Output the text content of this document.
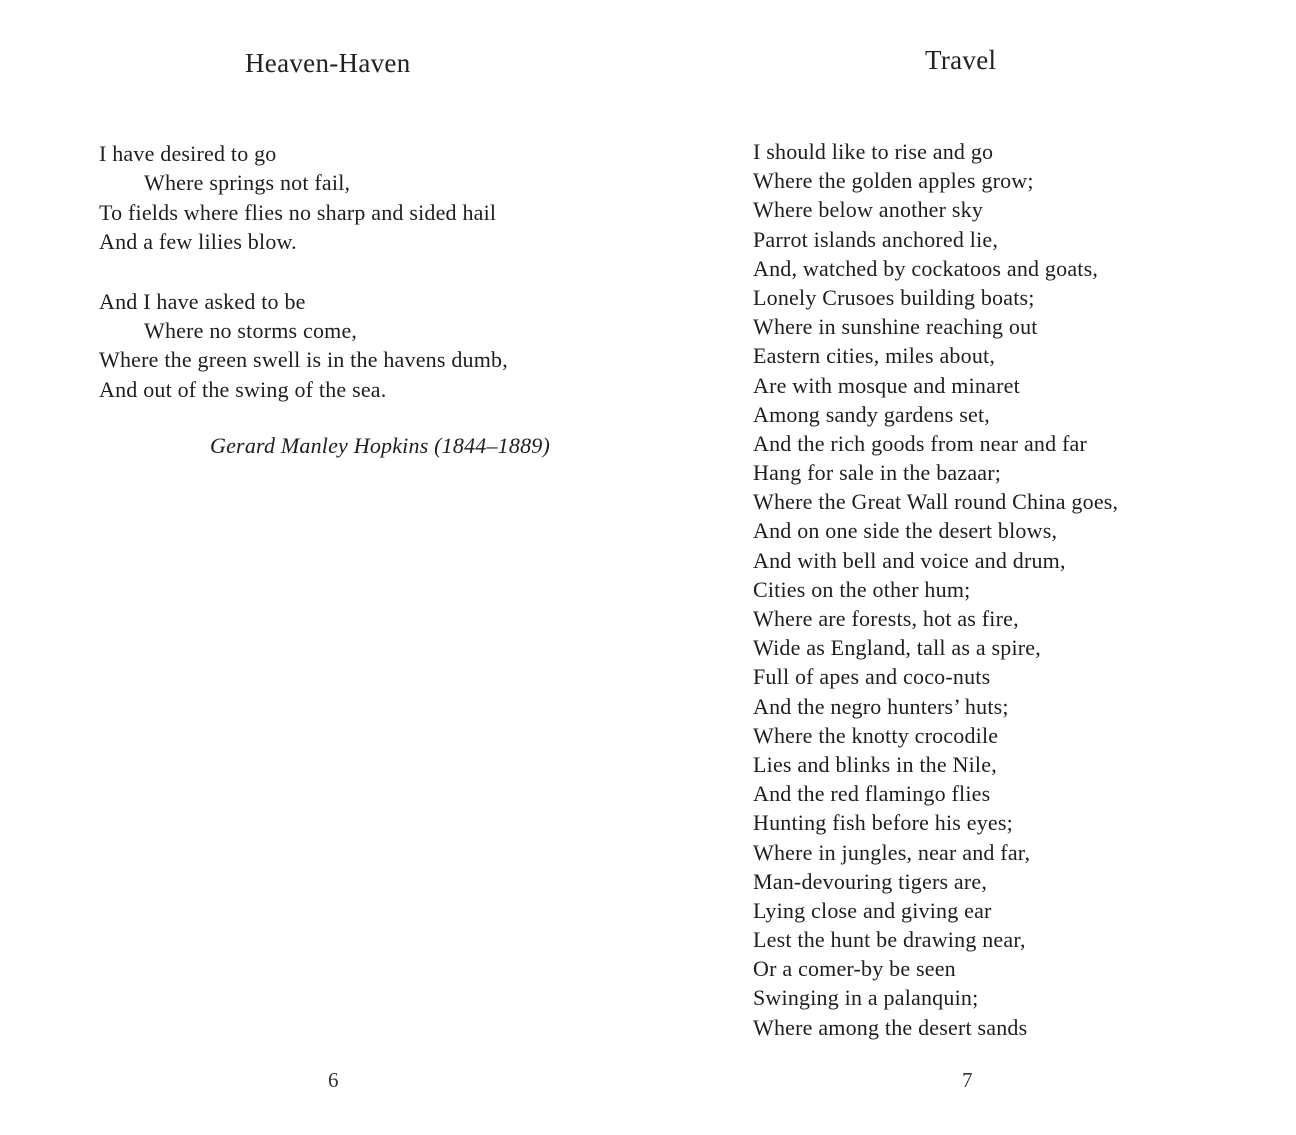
Heaven-Haven
I have desired to go
Where springs not fail,
To fields where flies no sharp and sided hail
And a few lilies blow.
And I have asked to be
Where no storms come,
Where the green swell is in the havens dumb,
And out of the swing of the sea.
Gerard Manley Hopkins (1844–1889)
6
Travel
I should like to rise and go
Where the golden apples grow;
Where below another sky
Parrot islands anchored lie,
And, watched by cockatoos and goats,
Lonely Crusoes building boats;
Where in sunshine reaching out
Eastern cities, miles about,
Are with mosque and minaret
Among sandy gardens set,
And the rich goods from near and far
Hang for sale in the bazaar;
Where the Great Wall round China goes,
And on one side the desert blows,
And with bell and voice and drum,
Cities on the other hum;
Where are forests, hot as fire,
Wide as England, tall as a spire,
Full of apes and coco-nuts
And the negro hunters’ huts;
Where the knotty crocodile
Lies and blinks in the Nile,
And the red flamingo flies
Hunting fish before his eyes;
Where in jungles, near and far,
Man-devouring tigers are,
Lying close and giving ear
Lest the hunt be drawing near,
Or a comer-by be seen
Swinging in a palanquin;
Where among the desert sands
7
